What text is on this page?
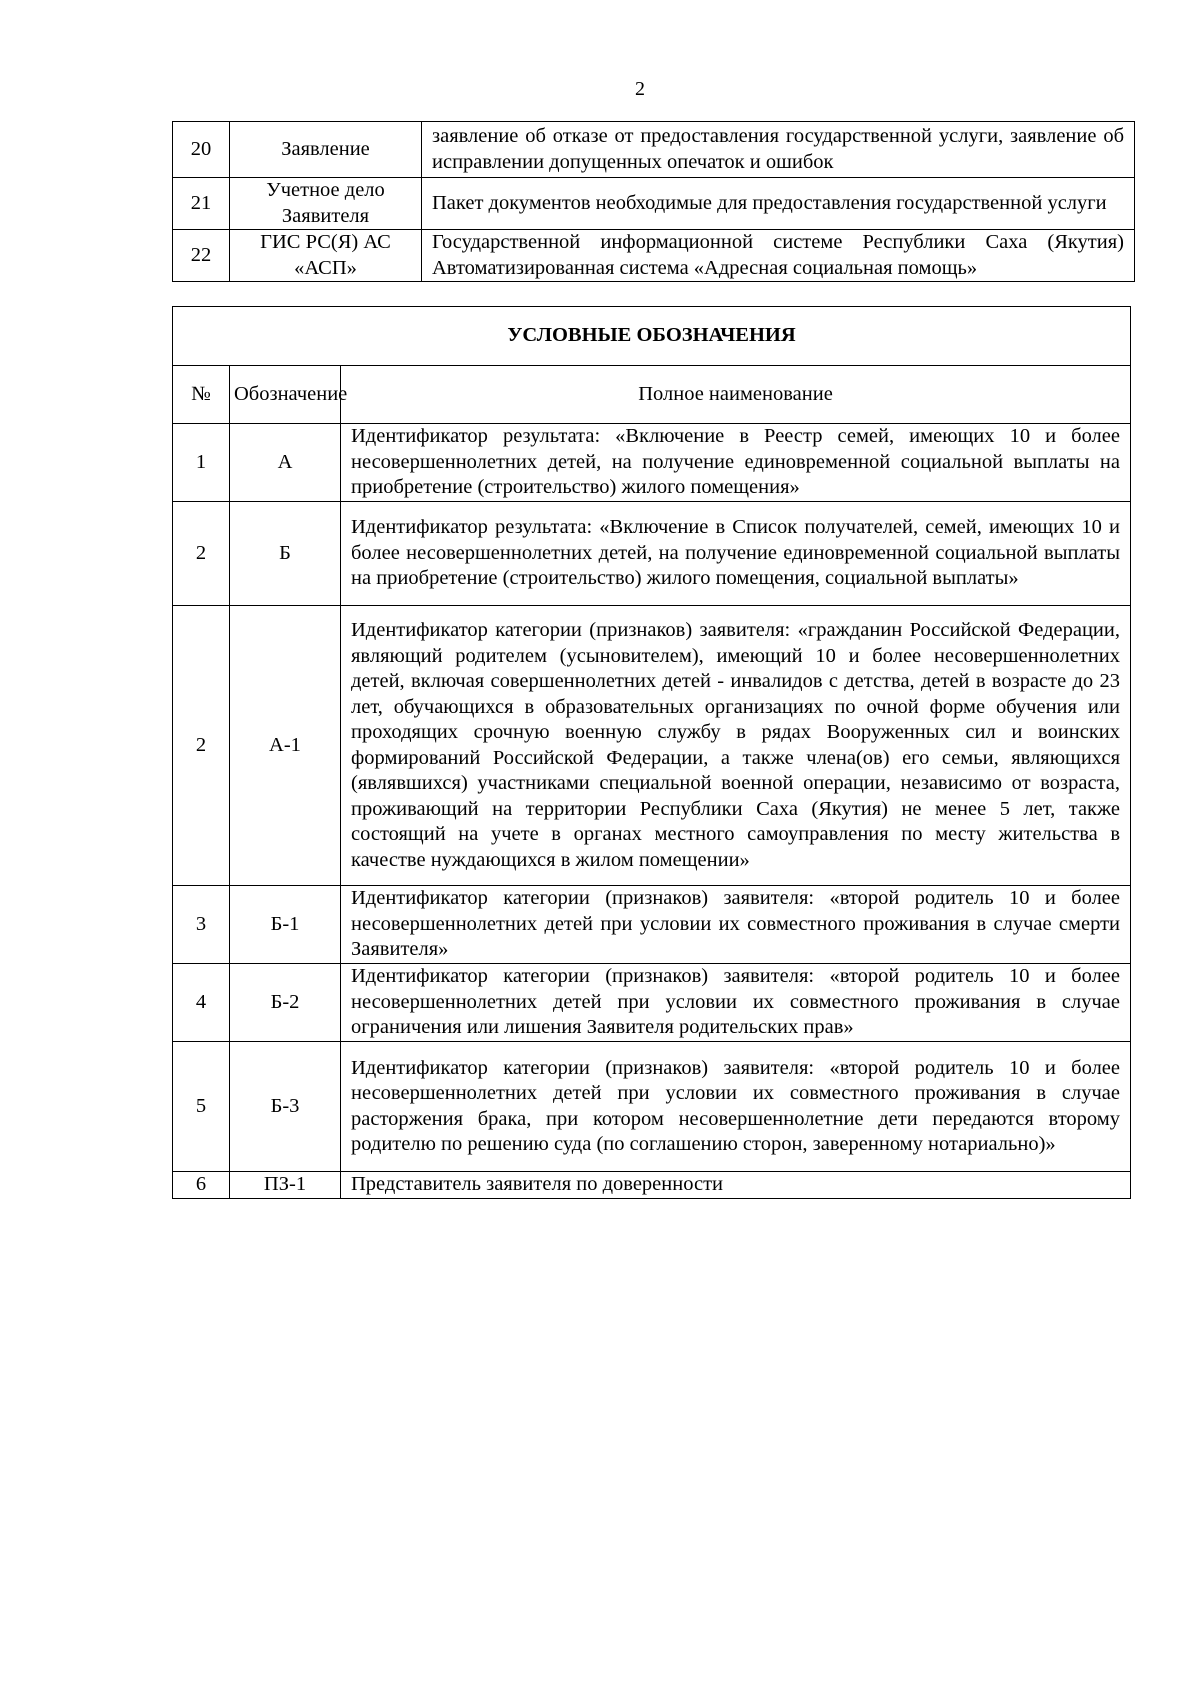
2
20	Заявление	заявление об отказе от предоставления государственной услуги, заявление об исправлении допущенных опечаток и ошибок
21	Учетное дело Заявителя	Пакет документов необходимые для предоставления государственной услуги
22	ГИС РС(Я) АС «АСП»	Государственной информационной системе Республики Саха (Якутия) Автоматизированная система «Адресная социальная помощь»
УСЛОВНЫЕ ОБОЗНАЧЕНИЯ		
№	Обозначение	Полное наименование
1	А	Идентификатор результата: «Включение в Реестр семей, имеющих 10 и более несовершеннолетних детей, на получение единовременной социальной выплаты на приобретение (строительство) жилого помещения»
2	Б	Идентификатор результата: «Включение в Список получателей, семей, имеющих 10 и более несовершеннолетних детей, на получение единовременной социальной выплаты на приобретение (строительство) жилого помещения, социальной выплаты»
2	А-1	Идентификатор категории (признаков) заявителя: «гражданин Российской Федерации, являющий родителем (усыновителем), имеющий 10 и более несовершеннолетних детей, включая совершеннолетних детей - инвалидов с детства, детей в возрасте до 23 лет, обучающихся в образовательных организациях по очной форме обучения или проходящих срочную военную службу в рядах Вооруженных сил и воинских формирований Российской Федерации, а также члена(ов) его семьи, являющихся (являвшихся) участниками специальной военной операции, независимо от возраста, проживающий на территории Республики Саха (Якутия) не менее 5 лет, также состоящий на учете в органах местного самоуправления по месту жительства в качестве нуждающихся в жилом помещении»
3	Б-1	Идентификатор категории (признаков) заявителя: «второй родитель 10 и более несовершеннолетних детей при условии их совместного проживания в случае смерти Заявителя»
4	Б-2	Идентификатор категории (признаков) заявителя: «второй родитель 10 и более несовершеннолетних детей при условии их совместного проживания в случае ограничения или лишения Заявителя родительских прав»
5	Б-3	Идентификатор категории (признаков) заявителя: «второй родитель 10 и более несовершеннолетних детей при условии их совместного проживания в случае расторжения брака, при котором несовершеннолетние дети передаются второму родителю по решению суда (по соглашению сторон, заверенному нотариально)»
6	ПЗ-1	Представитель заявителя по доверенности
